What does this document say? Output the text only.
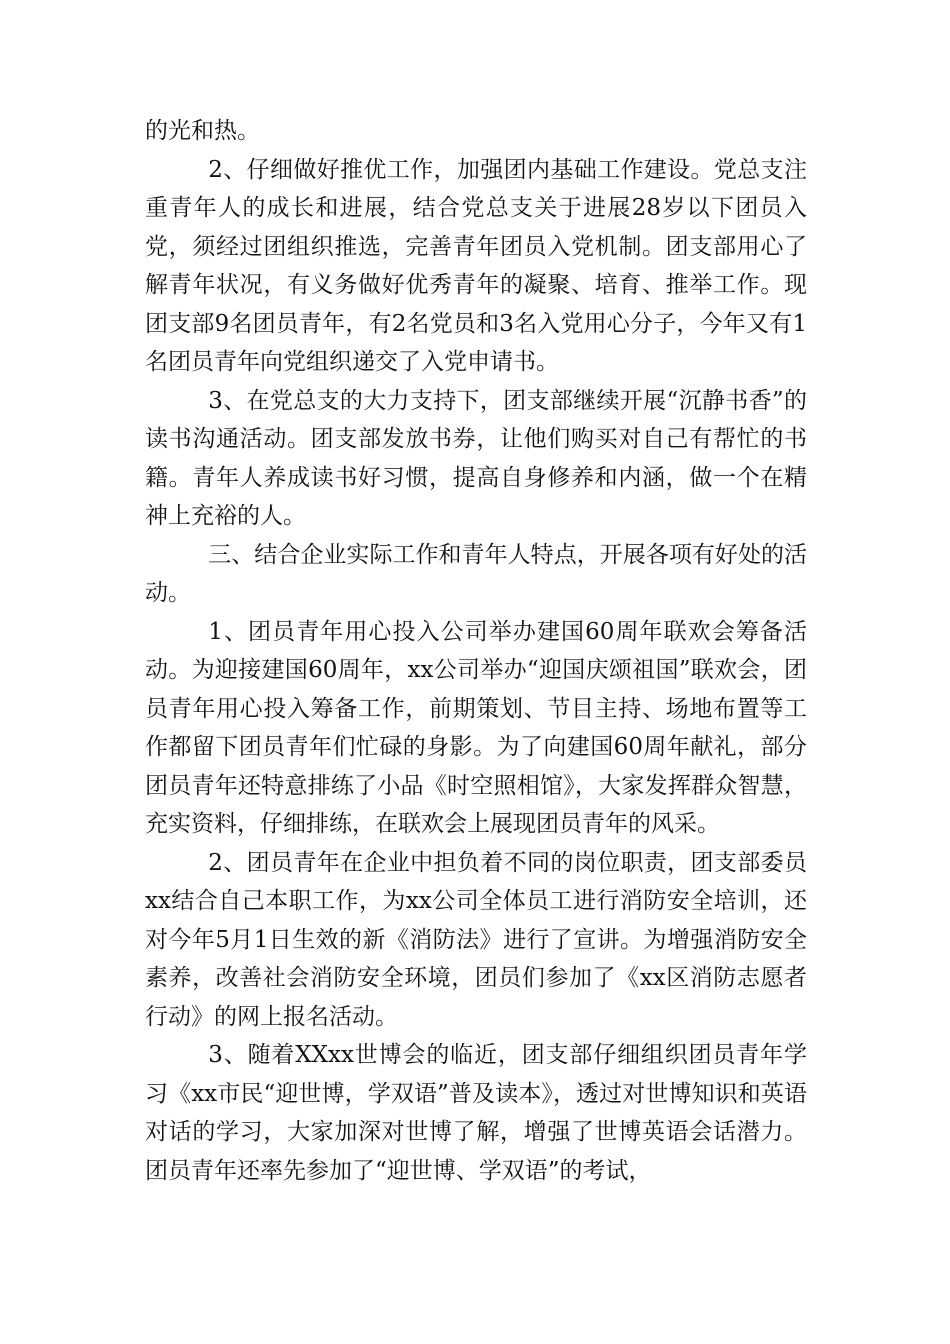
的光和热。

2、仔细做好推优工作，加强团内基础工作建设。党总支注重青年人的成长和进展，结合党总支关于进展28岁以下团员入党，须经过团组织推选，完善青年团员入党机制。团支部用心了解青年状况，有义务做好优秀青年的凝聚、培育、推举工作。现团支部9名团员青年，有2名党员和3名入党用心分子，今年又有1名团员青年向党组织递交了入党申请书。

3、在党总支的大力支持下，团支部继续开展“沉静书香”的读书沟通活动。团支部发放书券，让他们购买对自己有帮忙的书籍。青年人养成读书好习惯，提高自身修养和内涵，做一个在精神上充裕的人。

三、结合企业实际工作和青年人特点，开展各项有好处的活动。

1、团员青年用心投入公司举办建国60周年联欢会筹备活动。为迎接建国60周年，xx公司举办“迎国庆颂祖国”联欢会，团员青年用心投入筹备工作，前期策划、节目主持、场地布置等工作都留下团员青年们忙碌的身影。为了向建国60周年献礼，部分团员青年还特意排练了小品《时空照相馆》，大家发挥群众智慧，充实资料，仔细排练，在联欢会上展现团员青年的风采。

2、团员青年在企业中担负着不同的岗位职责，团支部委员xx结合自己本职工作，为xx公司全体员工进行消防安全培训，还对今年5月1日生效的新《消防法》进行了宣讲。为增强消防安全素养，改善社会消防安全环境，团员们参加了《xx区消防志愿者行动》的网上报名活动。

3、随着XXxx世博会的临近，团支部仔细组织团员青年学习《xx市民“迎世博，学双语”普及读本》，透过对世博知识和英语对话的学习，大家加深对世博了解，增强了世博英语会话潜力。团员青年还率先参加了“迎世博、学双语”的考试，
